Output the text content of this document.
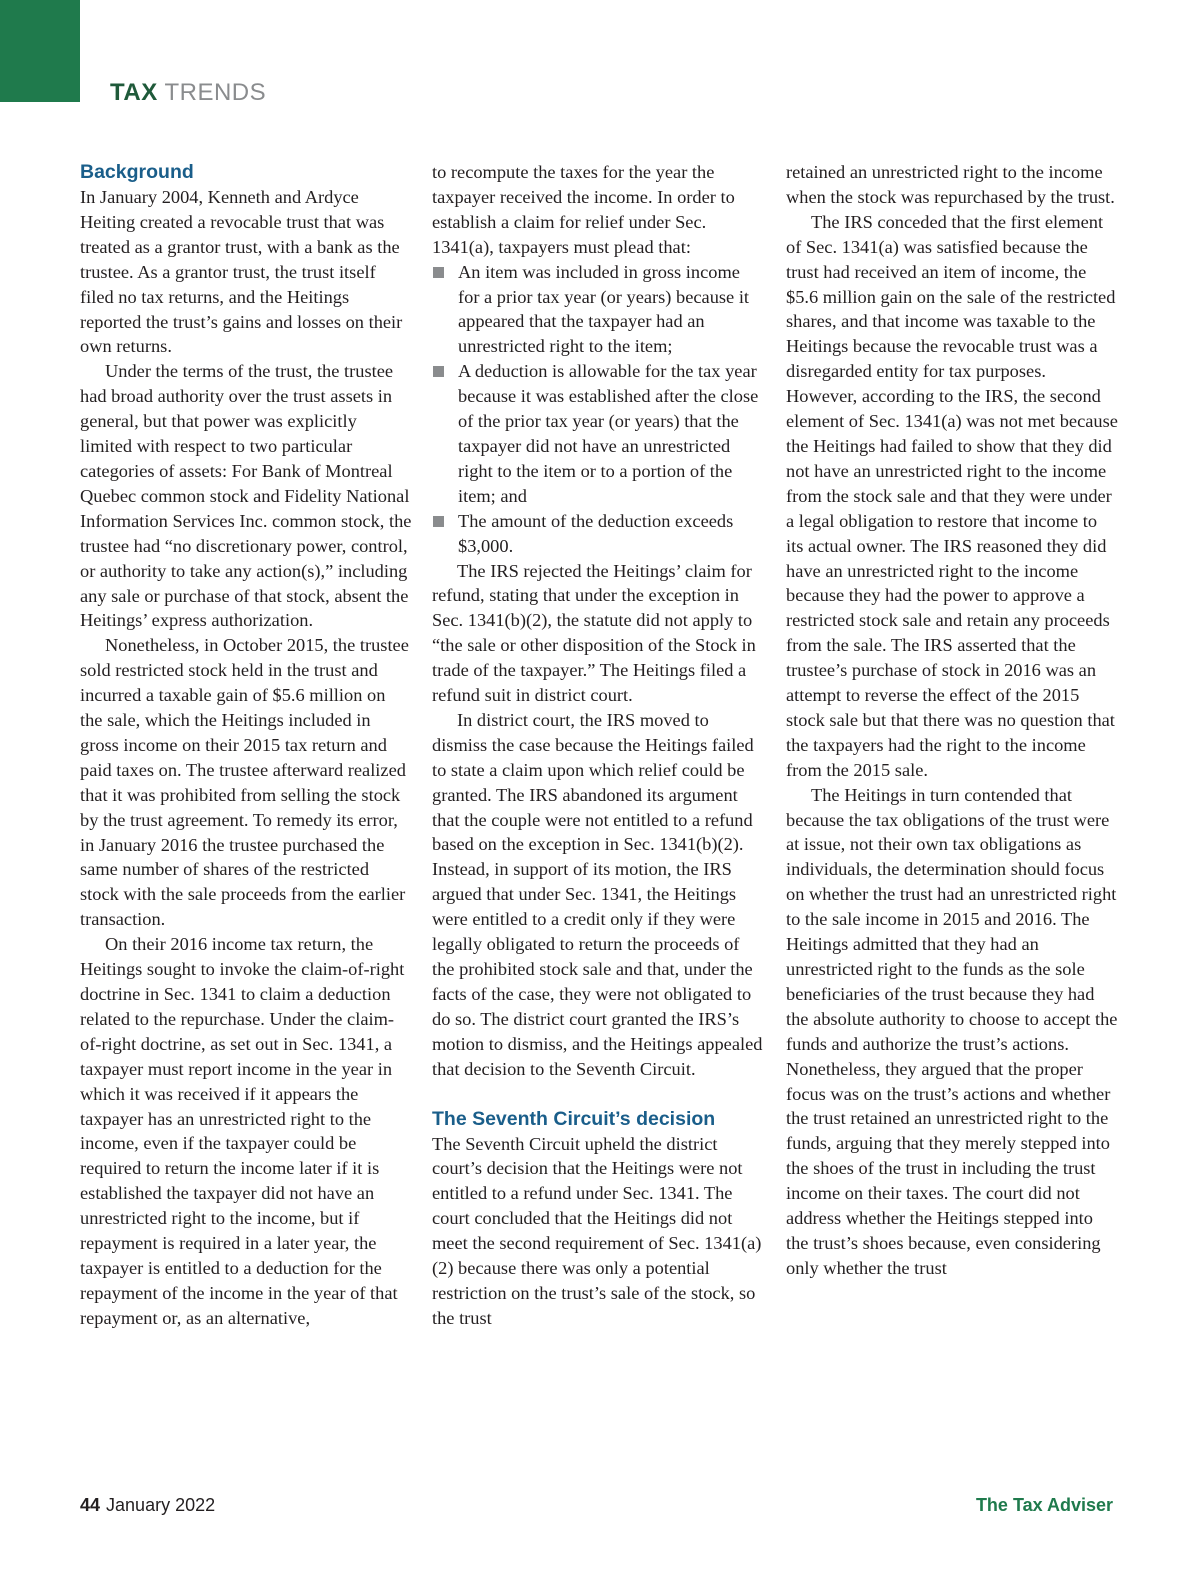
TAX TRENDS
Background

In January 2004, Kenneth and Ardyce Heiting created a revocable trust that was treated as a grantor trust, with a bank as the trustee. As a grantor trust, the trust itself filed no tax returns, and the Heitings reported the trust’s gains and losses on their own returns.

Under the terms of the trust, the trustee had broad authority over the trust assets in general, but that power was explicitly limited with respect to two particular categories of assets: For Bank of Montreal Quebec common stock and Fidelity National Information Services Inc. common stock, the trustee had “no discretionary power, control, or authority to take any action(s),” including any sale or purchase of that stock, absent the Heitings’ express authorization.

Nonetheless, in October 2015, the trustee sold restricted stock held in the trust and incurred a taxable gain of $5.6 million on the sale, which the Heitings included in gross income on their 2015 tax return and paid taxes on. The trustee afterward realized that it was prohibited from selling the stock by the trust agreement. To remedy its error, in January 2016 the trustee purchased the same number of shares of the restricted stock with the sale proceeds from the earlier transaction.

On their 2016 income tax return, the Heitings sought to invoke the claim-of-right doctrine in Sec. 1341 to claim a deduction related to the repurchase. Under the claim-of-right doctrine, as set out in Sec. 1341, a taxpayer must report income in the year in which it was received if it appears the taxpayer has an unrestricted right to the income, even if the taxpayer could be required to return the income later if it is established the taxpayer did not have an unrestricted right to the income, but if repayment is required in a later year, the taxpayer is entitled to a deduction for the repayment of the income in the year of that repayment or, as an alternative,

to recompute the taxes for the year the taxpayer received the income. In order to establish a claim for relief under Sec. 1341(a), taxpayers must plead that:

An item was included in gross income for a prior tax year (or years) because it appeared that the taxpayer had an unrestricted right to the item;
A deduction is allowable for the tax year because it was established after the close of the prior tax year (or years) that the taxpayer did not have an unrestricted right to the item or to a portion of the item; and
The amount of the deduction exceeds $3,000.

The IRS rejected the Heitings’ claim for refund, stating that under the exception in Sec. 1341(b)(2), the statute did not apply to “the sale or other disposition of the Stock in trade of the taxpayer.” The Heitings filed a refund suit in district court.

In district court, the IRS moved to dismiss the case because the Heitings failed to state a claim upon which relief could be granted. The IRS abandoned its argument that the couple were not entitled to a refund based on the exception in Sec. 1341(b)(2). Instead, in support of its motion, the IRS argued that under Sec. 1341, the Heitings were entitled to a credit only if they were legally obligated to return the proceeds of the prohibited stock sale and that, under the facts of the case, they were not obligated to do so. The district court granted the IRS’s motion to dismiss, and the Heitings appealed that decision to the Seventh Circuit.

The Seventh Circuit’s decision

The Seventh Circuit upheld the district court’s decision that the Heitings were not entitled to a refund under Sec. 1341. The court concluded that the Heitings did not meet the second requirement of Sec. 1341(a)(2) because there was only a potential restriction on the trust’s sale of the stock, so the trust

retained an unrestricted right to the income when the stock was repurchased by the trust.

The IRS conceded that the first element of Sec. 1341(a) was satisfied because the trust had received an item of income, the $5.6 million gain on the sale of the restricted shares, and that income was taxable to the Heitings because the revocable trust was a disregarded entity for tax purposes. However, according to the IRS, the second element of Sec. 1341(a) was not met because the Heitings had failed to show that they did not have an unrestricted right to the income from the stock sale and that they were under a legal obligation to restore that income to its actual owner. The IRS reasoned they did have an unrestricted right to the income because they had the power to approve a restricted stock sale and retain any proceeds from the sale. The IRS asserted that the trustee’s purchase of stock in 2016 was an attempt to reverse the effect of the 2015 stock sale but that there was no question that the taxpayers had the right to the income from the 2015 sale.

The Heitings in turn contended that because the tax obligations of the trust were at issue, not their own tax obligations as individuals, the determination should focus on whether the trust had an unrestricted right to the sale income in 2015 and 2016. The Heitings admitted that they had an unrestricted right to the funds as the sole beneficiaries of the trust because they had the absolute authority to choose to accept the funds and authorize the trust’s actions. Nonetheless, they argued that the proper focus was on the trust’s actions and whether the trust retained an unrestricted right to the funds, arguing that they merely stepped into the shoes of the trust in including the trust income on their taxes. The court did not address whether the Heitings stepped into the trust’s shoes because, even considering only whether the trust

44 January 2022	The Tax Adviser
